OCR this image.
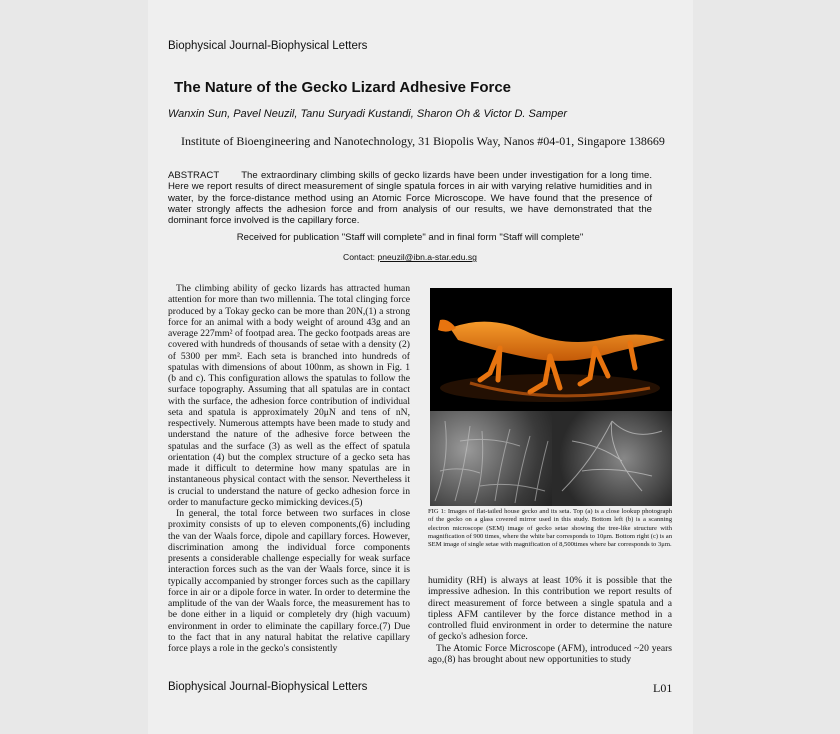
Biophysical Journal-Biophysical Letters
The Nature of the Gecko Lizard Adhesive Force
Wanxin Sun, Pavel Neuzil, Tanu Suryadi Kustandi, Sharon Oh & Victor D. Samper
Institute of Bioengineering and Nanotechnology, 31 Biopolis Way, Nanos #04-01, Singapore 138669
ABSTRACT The extraordinary climbing skills of gecko lizards have been under investigation for a long time. Here we report results of direct measurement of single spatula forces in air with varying relative humidities and in water, by the force-distance method using an Atomic Force Microscope. We have found that the presence of water strongly affects the adhesion force and from analysis of our results, we have demonstrated that the dominant force involved is the capillary force.
Received for publication "Staff will complete" and in final form "Staff will complete"
Contact: pneuzil@ibn.a-star.edu.sg

The climbing ability of gecko lizards has attracted human attention for more than two millennia. The total clinging force produced by a Tokay gecko can be more than 20N,(1) a strong force for an animal with a body weight of around 43g and an average 227mm² of footpad area. The gecko footpads areas are covered with hundreds of thousands of setae with a density (2) of 5300 per mm². Each seta is branched into hundreds of spatulas with dimensions of about 100nm, as shown in Fig. 1 (b and c). This configuration allows the spatulas to follow the surface topography. Assuming that all spatulas are in contact with the surface, the adhesion force contribution of individual seta and spatula is approximately 20μN and tens of nN, respectively. Numerous attempts have been made to study and understand the nature of the adhesive force between the spatulas and the surface (3) as well as the effect of spatula orientation (4) but the complex structure of a gecko seta has made it difficult to determine how many spatulas are in instantaneous physical contact with the sensor. Nevertheless it is crucial to understand the nature of gecko adhesion force in order to manufacture gecko mimicking devices.(5)

In general, the total force between two surfaces in close proximity consists of up to eleven components,(6) including the van der Waals force, dipole and capillary forces. However, discrimination among the individual force components presents a considerable challenge especially for weak surface interaction forces such as the van der Waals force, since it is typically accompanied by stronger forces such as the capillary force in air or a dipole force in water. In order to determine the amplitude of the van der Waals force, the measurement has to be done either in a liquid or completely dry (high vacuum) environment in order to eliminate the capillary force.(7) Due to the fact that in any natural habitat the relative capillary force plays a role in the gecko's consistently

FIG 1: Images of flat-tailed house gecko and its seta. Top (a) is a close lookup photograph of the gecko on a glass covered mirror used in this study. Bottom left (b) is a scanning electron microscope (SEM) image of gecko setae showing the tree-like structure with magnification of 900 times, where the white bar corresponds to 10μm. Bottom right (c) is an SEM image of single setae with magnification of 8,500times where bar corresponds to 3μm.

humidity (RH) is always at least 10% it is possible that the impressive adhesion. In this contribution we report results of direct measurement of force between a single spatula and a tipless AFM cantilever by the force distance method in a controlled fluid environment in order to determine the nature of gecko's adhesion force.

The Atomic Force Microscope (AFM), introduced ~20 years ago,(8) has brought about new opportunities to study

Biophysical Journal-Biophysical Letters	L01
